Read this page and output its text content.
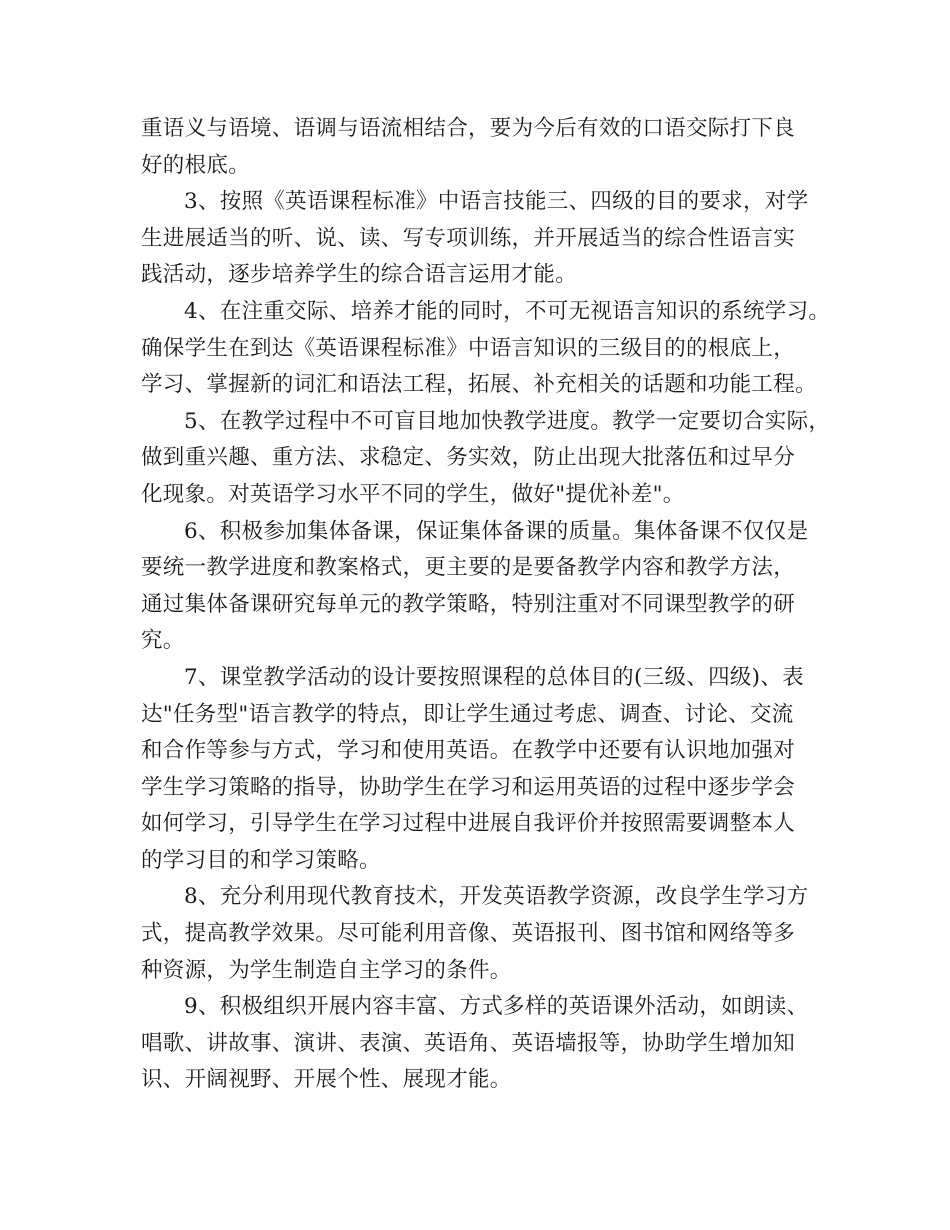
重语义与语境、语调与语流相结合，要为今后有效的口语交际打下良
好的根底。
3、按照《英语课程标准》中语言技能三、四级的目的要求，对学
生进展适当的听、说、读、写专项训练，并开展适当的综合性语言实
践活动，逐步培养学生的综合语言运用才能。
4、在注重交际、培养才能的同时，不可无视语言知识的系统学习。
确保学生在到达《英语课程标准》中语言知识的三级目的的根底上，
学习、掌握新的词汇和语法工程，拓展、补充相关的话题和功能工程。
5、在教学过程中不可盲目地加快教学进度。教学一定要切合实际，
做到重兴趣、重方法、求稳定、务实效，防止出现大批落伍和过早分
化现象。对英语学习水平不同的学生，做好"提优补差"。
6、积极参加集体备课，保证集体备课的质量。集体备课不仅仅是
要统一教学进度和教案格式，更主要的是要备教学内容和教学方法，
通过集体备课研究每单元的教学策略，特别注重对不同课型教学的研
究。
7、课堂教学活动的设计要按照课程的总体目的(三级、四级)、表
达"任务型"语言教学的特点，即让学生通过考虑、调查、讨论、交流
和合作等参与方式，学习和使用英语。在教学中还要有认识地加强对
学生学习策略的指导，协助学生在学习和运用英语的过程中逐步学会
如何学习，引导学生在学习过程中进展自我评价并按照需要调整本人
的学习目的和学习策略。
8、充分利用现代教育技术，开发英语教学资源，改良学生学习方
式，提高教学效果。尽可能利用音像、英语报刊、图书馆和网络等多
种资源，为学生制造自主学习的条件。
9、积极组织开展内容丰富、方式多样的英语课外活动，如朗读、
唱歌、讲故事、演讲、表演、英语角、英语墙报等，协助学生增加知
识、开阔视野、开展个性、展现才能。
